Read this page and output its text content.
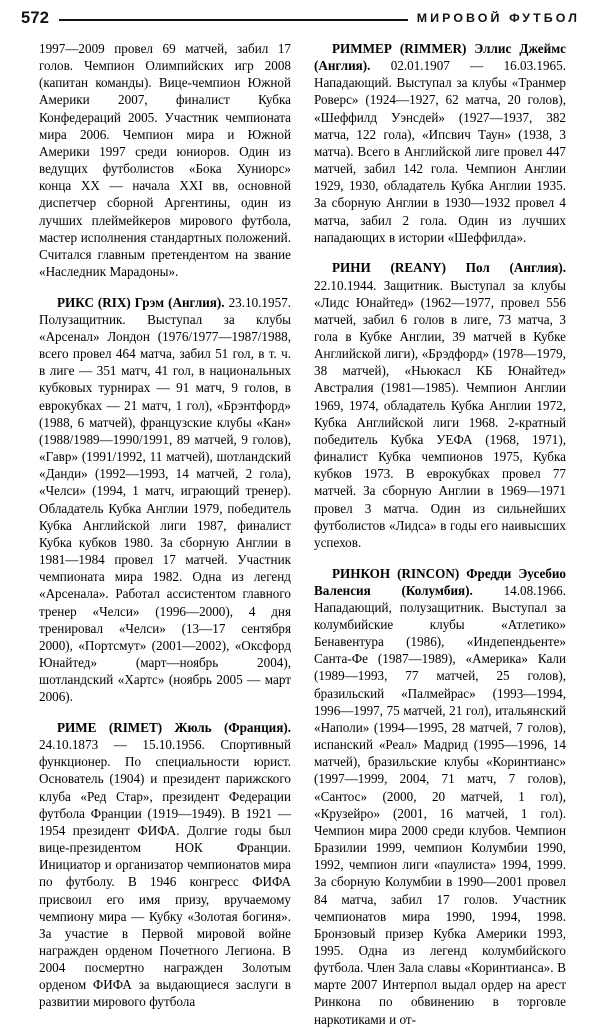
572	МИРОВОЙ ФУТБОЛ

1997—2009 провел 69 матчей, забил 17 голов. Чемпион Олимпийских игр 2008 (капитан команды). Вице-чемпион Южной Америки 2007, финалист Кубка Конфедераций 2005. Участник чемпионата мира 2006. Чемпион мира и Южной Америки 1997 среди юниоров. Один из ведущих футболистов «Бока Хуниорс» конца XX — начала XXI вв, основной диспетчер сборной Аргентины, один из лучших плеймейкеров мирового футбола, мастер исполнения стандартных положений. Считался главным претендентом на звание «Наследник Марадоны».

РИКС (RIX) Грэм (Англия). 23.10.1957. Полузащитник. Выступал за клубы «Арсенал» Лондон (1976/1977—1987/1988, всего провел 464 матча, забил 51 гол, в т. ч. в лиге — 351 матч, 41 гол, в национальных кубковых турнирах — 91 матч, 9 голов, в еврокубках — 21 матч, 1 гол), «Брэнтфорд» (1988, 6 матчей), французские клубы «Кан» (1988/1989—1990/1991, 89 матчей, 9 голов), «Гавр» (1991/1992, 11 матчей), шотландский «Данди» (1992—1993, 14 матчей, 2 гола), «Челси» (1994, 1 матч, играющий тренер). Обладатель Кубка Англии 1979, победитель Кубка Английской лиги 1987, финалист Кубка кубков 1980. За сборную Англии в 1981—1984 провел 17 матчей. Участник чемпионата мира 1982. Одна из легенд «Арсенала». Работал ассистентом главного тренер «Челси» (1996—2000), 4 дня тренировал «Челси» (13—17 сентября 2000), «Портсмут» (2001—2002), «Оксфорд Юнайтед» (март—ноябрь 2004), шотландский «Хартс» (ноябрь 2005 — март 2006).

РИМЕ (RIMET) Жюль (Франция). 24.10.1873 — 15.10.1956. Спортивный функционер. По специальности юрист. Основатель (1904) и президент парижского клуба «Ред Стар», президент Федерации футбола Франции (1919—1949). В 1921 — 1954 президент ФИФА. Долгие годы был вице-президентом НОК Франции. Инициатор и организатор чемпионатов мира по футболу. В 1946 конгресс ФИФА присвоил его имя призу, вручаемому чемпиону мира — Кубку «Золотая богиня». За участие в Первой мировой войне награжден орденом Почетного Легиона. В 2004 посмертно награжден Золотым орденом ФИФА за выдающиеся заслуги в развитии мирового футбола

РИММЕР (RIMMER) Эллис Джеймс (Англия). 02.01.1907 — 16.03.1965. Нападающий. Выступал за клубы «Транмер Роверс» (1924—1927, 62 матча, 20 голов), «Шеффилд Уэнсдей» (1927—1937, 382 матча, 122 гола), «Ипсвич Таун» (1938, 3 матча). Всего в Английской лиге провел 447 матчей, забил 142 гола. Чемпион Англии 1929, 1930, обладатель Кубка Англии 1935. За сборную Англии в 1930—1932 провел 4 матча, забил 2 гола. Один из лучших нападающих в истории «Шеффилда».

РИНИ (REANY) Пол (Англия). 22.10.1944. Защитник. Выступал за клубы «Лидс Юнайтед» (1962—1977, провел 556 матчей, забил 6 голов в лиге, 73 матча, 3 гола в Кубке Англии, 39 матчей в Кубке Английской лиги), «Брэдфорд» (1978—1979, 38 матчей), «Ньюкасл КБ Юнайтед» Австралия (1981—1985). Чемпион Англии 1969, 1974, обладатель Кубка Англии 1972, Кубка Английской лиги 1968. 2-кратный победитель Кубка УЕФА (1968, 1971), финалист Кубка чемпионов 1975, Кубка кубков 1973. В еврокубках провел 77 матчей. За сборную Англии в 1969—1971 провел 3 матча. Один из сильнейших футболистов «Лидса» в годы его наивысших успехов.

РИНКОН (RINCON) Фредди Эусебио Валенсия (Колумбия). 14.08.1966. Нападающий, полузащитник. Выступал за колумбийские клубы «Атлетико» Бенавентура (1986), «Индепендьенте» Санта-Фе (1987—1989), «Америка» Кали (1989—1993, 77 матчей, 25 голов), бразильский «Палмейрас» (1993—1994, 1996—1997, 75 матчей, 21 гол), итальянский «Наполи» (1994—1995, 28 матчей, 7 голов), испанский «Реал» Мадрид (1995—1996, 14 матчей), бразильские клубы «Коринтианс» (1997—1999, 2004, 71 матч, 7 голов), «Сантос» (2000, 20 матчей, 1 гол), «Крузейро» (2001, 16 матчей, 1 гол). Чемпион мира 2000 среди клубов. Чемпион Бразилии 1999, чемпион Колумбии 1990, 1992, чемпион лиги «паулиста» 1994, 1999. За сборную Колумбии в 1990—2001 провел 84 матча, забил 17 голов. Участник чемпионатов мира 1990, 1994, 1998. Бронзовый призер Кубка Америки 1993, 1995. Одна из легенд колумбийского футбола. Член Зала славы «Коринтианса». В марте 2007 Интерпол выдал ордер на арест Ринкона по обвинению в торговле наркотиками и от-
